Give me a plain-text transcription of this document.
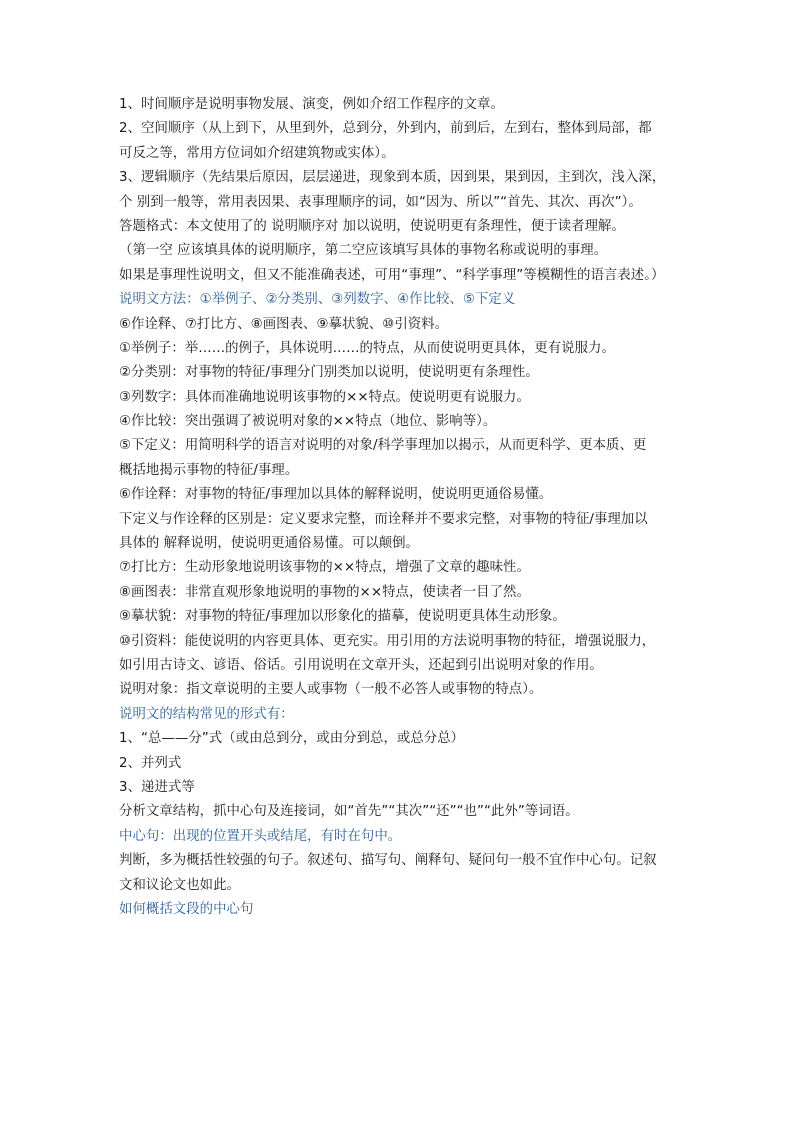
1、时间顺序是说明事物发展、演变，例如介绍工作程序的文章。
2、空间顺序（从上到下，从里到外，总到分，外到内，前到后，左到右，整体到局部，都
可反之等，常用方位词如介绍建筑物或实体）。
3、逻辑顺序（先结果后原因，层层递进，现象到本质，因到果，果到因，主到次，浅入深，
个 别到一般等，常用表因果、表事理顺序的词，如“因为、所以”“首先、其次、再次”）。
答题格式：本文使用了的 说明顺序对 加以说明，使说明更有条理性，便于读者理解。
（第一空 应该填具体的说明顺序，第二空应该填写具体的事物名称或说明的事理。
如果是事理性说明文，但又不能准确表述，可用“事理”、“科学事理”等模糊性的语言表述。）
说明文方法：①举例子、②分类别、③列数字、④作比较、⑤下定义
⑥作诠释、⑦打比方、⑧画图表、⑨摹状貌、⑩引资料。
①举例子：举……的例子，具体说明……的特点，从而使说明更具体，更有说服力。
②分类别：对事物的特征/事理分门别类加以说明，使说明更有条理性。
③列数字：具体而准确地说明该事物的××特点。使说明更有说服力。
④作比较：突出强调了被说明对象的××特点（地位、影响等）。
⑤下定义：用简明科学的语言对说明的对象/科学事理加以揭示，从而更科学、更本质、更
概括地揭示事物的特征/事理。
⑥作诠释：对事物的特征/事理加以具体的解释说明，使说明更通俗易懂。
下定义与作诠释的区别是：定义要求完整，而诠释并不要求完整，对事物的特征/事理加以
具体的 解释说明，使说明更通俗易懂。可以颠倒。
⑦打比方：生动形象地说明该事物的××特点，增强了文章的趣味性。
⑧画图表：非常直观形象地说明的事物的××特点，使读者一目了然。
⑨摹状貌：对事物的特征/事理加以形象化的描摹，使说明更具体生动形象。
⑩引资料：能使说明的内容更具体、更充实。用引用的方法说明事物的特征，增强说服力，
如引用古诗文、谚语、俗话。引用说明在文章开头，还起到引出说明对象的作用。
说明对象：指文章说明的主要人或事物（一般不必答人或事物的特点）。
说明文的结构常见的形式有：
1、“总——分”式（或由总到分，或由分到总，或总分总）
2、并列式
3、递进式等
分析文章结构，抓中心句及连接词，如“首先”“其次”“还”“也”“此外”等词语。
中心句：出现的位置开头或结尾，有时在句中。
判断，多为概括性较强的句子。叙述句、描写句、阐释句、疑问句一般不宜作中心句。记叙
文和议论文也如此。
如何概括文段的中心句
